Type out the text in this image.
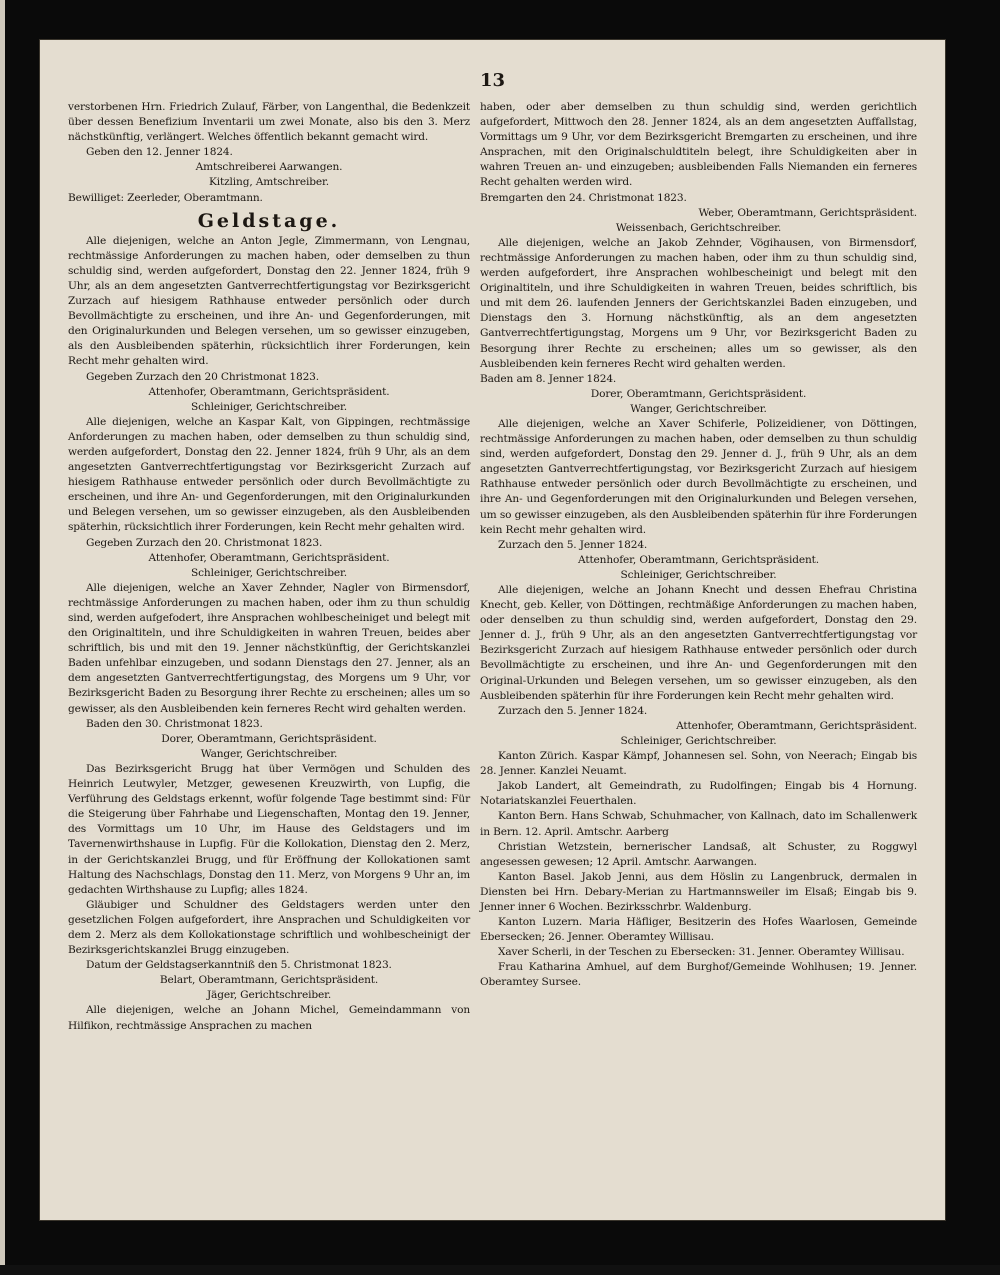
13

verstorbenen Hrn. Friedrich Zulauf, Färber, von Langenthal, die Bedenkzeit über dessen Benefizium Inventarii um zwei Monate, also bis den 3. Merz nächstkünftig, verlängert. Welches öffentlich bekannt gemacht wird.

Geben den 12. Jenner 1824.

Amtschreiberei Aarwangen.

Kitzling, Amtschreiber.

Bewilliget: Zeerleder, Oberamtmann.

Geldstage.

Alle diejenigen, welche an Anton Jegle, Zimmermann, von Lengnau, rechtmässige Anforderungen zu machen haben, oder demselben zu thun schuldig sind, werden aufgefordert, Donstag den 22. Jenner 1824, früh 9 Uhr, als an dem angesetzten Gantverrechtfertigungstag vor Bezirksgericht Zurzach auf hiesigem Rathhause entweder persönlich oder durch Bevollmächtigte zu erscheinen, und ihre An- und Gegenforderungen, mit den Originalurkunden und Belegen versehen, um so gewisser einzugeben, als den Ausbleibenden späterhin, rücksichtlich ihrer Forderungen, kein Recht mehr gehalten wird.

Gegeben Zurzach den 20 Christmonat 1823.

Attenhofer, Oberamtmann, Gerichtspräsident.

Schleiniger, Gerichtschreiber.

Alle diejenigen, welche an Kaspar Kalt, von Gippingen, rechtmässige Anforderungen zu machen haben, oder demselben zu thun schuldig sind, werden aufgefordert, Donstag den 22. Jenner 1824, früh 9 Uhr, als an dem angesetzten Gantverrechtfertigungstag vor Bezirksgericht Zurzach auf hiesigem Rathhause entweder persönlich oder durch Bevollmächtigte zu erscheinen, und ihre An- und Gegenforderungen, mit den Originalurkunden und Belegen versehen, um so gewisser einzugeben, als den Ausbleibenden späterhin, rücksichtlich ihrer Forderungen, kein Recht mehr gehalten wird.

Gegeben Zurzach den 20. Christmonat 1823.

Attenhofer, Oberamtmann, Gerichtspräsident.

Schleiniger, Gerichtschreiber.

Alle diejenigen, welche an Xaver Zehnder, Nagler von Birmensdorf, rechtmässige Anforderungen zu machen haben, oder ihm zu thun schuldig sind, werden aufgefodert, ihre Ansprachen wohlbescheiniget und belegt mit den Originaltiteln, und ihre Schuldigkeiten in wahren Treuen, beides aber schriftlich, bis und mit den 19. Jenner nächstkünftig, der Gerichtskanzlei Baden unfehlbar einzugeben, und sodann Dienstags den 27. Jenner, als an dem angesetzten Gantverrechtfertigungstag, des Morgens um 9 Uhr, vor Bezirksgericht Baden zu Besorgung ihrer Rechte zu erscheinen; alles um so gewisser, als den Ausbleibenden kein ferneres Recht wird gehalten werden.

Baden den 30. Christmonat 1823.

Dorer, Oberamtmann, Gerichtspräsident.

Wanger, Gerichtschreiber.

Das Bezirksgericht Brugg hat über Vermögen und Schulden des Heinrich Leutwyler, Metzger, gewesenen Kreuzwirth, von Lupfig, die Verführung des Geldstags erkennt, wofür folgende Tage bestimmt sind: Für die Steigerung über Fahrhabe und Liegenschaften, Montag den 19. Jenner, des Vormittags um 10 Uhr, im Hause des Geldstagers und im Tavernenwirthshause in Lupfig. Für die Kollokation, Dienstag den 2. Merz, in der Gerichtskanzlei Brugg, und für Eröffnung der Kollokationen samt Haltung des Nachschlags, Donstag den 11. Merz, von Morgens 9 Uhr an, im gedachten Wirthshause zu Lupfig; alles 1824.

Gläubiger und Schuldner des Geldstagers werden unter den gesetzlichen Folgen aufgefordert, ihre Ansprachen und Schuldigkeiten vor dem 2. Merz als dem Kollokationstage schriftlich und wohlbescheinigt der Bezirksgerichtskanzlei Brugg einzugeben.

Datum der Geldstagserkanntniß den 5. Christmonat 1823.

Belart, Oberamtmann, Gerichtspräsident.

Jäger, Gerichtschreiber.

Alle diejenigen, welche an Johann Michel, Gemeindammann von Hilfikon, rechtmässige Ansprachen zu machen

haben, oder aber demselben zu thun schuldig sind, werden gerichtlich aufgefordert, Mittwoch den 28. Jenner 1824, als an dem angesetzten Auffallstag, Vormittags um 9 Uhr, vor dem Bezirksgericht Bremgarten zu erscheinen, und ihre Ansprachen, mit den Originalschuldtiteln belegt, ihre Schuldigkeiten aber in wahren Treuen an- und einzugeben; ausbleibenden Falls Niemanden ein ferneres Recht gehalten werden wird.

Bremgarten den 24. Christmonat 1823.

Weber, Oberamtmann, Gerichtspräsident.

Weissenbach, Gerichtschreiber.

Alle diejenigen, welche an Jakob Zehnder, Vögihausen, von Birmensdorf, rechtmässige Anforderungen zu machen haben, oder ihm zu thun schuldig sind, werden aufgefordert, ihre Ansprachen wohlbescheinigt und belegt mit den Originaltiteln, und ihre Schuldigkeiten in wahren Treuen, beides schriftlich, bis und mit dem 26. laufenden Jenners der Gerichtskanzlei Baden einzugeben, und Dienstags den 3. Hornung nächstkünftig, als an dem angesetzten Gantverrechtfertigungstag, Morgens um 9 Uhr, vor Bezirksgericht Baden zu Besorgung ihrer Rechte zu erscheinen; alles um so gewisser, als den Ausbleibenden kein ferneres Recht wird gehalten werden.

Baden am 8. Jenner 1824.

Dorer, Oberamtmann, Gerichtspräsident.

Wanger, Gerichtschreiber.

Alle diejenigen, welche an Xaver Schiferle, Polizeidiener, von Döttingen, rechtmässige Anforderungen zu machen haben, oder demselben zu thun schuldig sind, werden aufgefordert, Donstag den 29. Jenner d. J., früh 9 Uhr, als an dem angesetzten Gantverrechtfertigungstag, vor Bezirksgericht Zurzach auf hiesigem Rathhause entweder persönlich oder durch Bevollmächtigte zu erscheinen, und ihre An- und Gegenforderungen mit den Originalurkunden und Belegen versehen, um so gewisser einzugeben, als den Ausbleibenden späterhin für ihre Forderungen kein Recht mehr gehalten wird.

Zurzach den 5. Jenner 1824.

Attenhofer, Oberamtmann, Gerichtspräsident.

Schleiniger, Gerichtschreiber.

Alle diejenigen, welche an Johann Knecht und dessen Ehefrau Christina Knecht, geb. Keller, von Döttingen, rechtmäßige Anforderungen zu machen haben, oder denselben zu thun schuldig sind, werden aufgefordert, Donstag den 29. Jenner d. J., früh 9 Uhr, als an den angesetzten Gantverrechtfertigungstag vor Bezirksgericht Zurzach auf hiesigem Rathhause entweder persönlich oder durch Bevollmächtigte zu erscheinen, und ihre An- und Gegenforderungen mit den Original-Urkunden und Belegen versehen, um so gewisser einzugeben, als den Ausbleibenden späterhin für ihre Forderungen kein Recht mehr gehalten wird.

Zurzach den 5. Jenner 1824.

Attenhofer, Oberamtmann, Gerichtspräsident.

Schleiniger, Gerichtschreiber.

Kanton Zürich. Kaspar Kämpf, Johannesen sel. Sohn, von Neerach; Eingab bis 28. Jenner. Kanzlei Neuamt.

Jakob Landert, alt Gemeindrath, zu Rudolfingen; Eingab bis 4 Hornung. Notariatskanzlei Feuerthalen.

Kanton Bern. Hans Schwab, Schuhmacher, von Kallnach, dato im Schallenwerk in Bern. 12. April. Amtschr. Aarberg

Christian Wetzstein, bernerischer Landsaß, alt Schuster, zu Roggwyl angesessen gewesen; 12 April. Amtschr. Aarwangen.

Kanton Basel. Jakob Jenni, aus dem Höslin zu Langenbruck, dermalen in Diensten bei Hrn. Debary-Merian zu Hartmannsweiler im Elsaß; Eingab bis 9. Jenner inner 6 Wochen. Bezirksschrbr. Waldenburg.

Kanton Luzern. Maria Häfliger, Besitzerin des Hofes Waarlosen, Gemeinde Ebersecken; 26. Jenner. Oberamtey Willisau.

Xaver Scherli, in der Teschen zu Ebersecken: 31. Jenner. Oberamtey Willisau.

Frau Katharina Amhuel, auf dem Burghof/Gemeinde Wohlhusen; 19. Jenner. Oberamtey Sursee.
